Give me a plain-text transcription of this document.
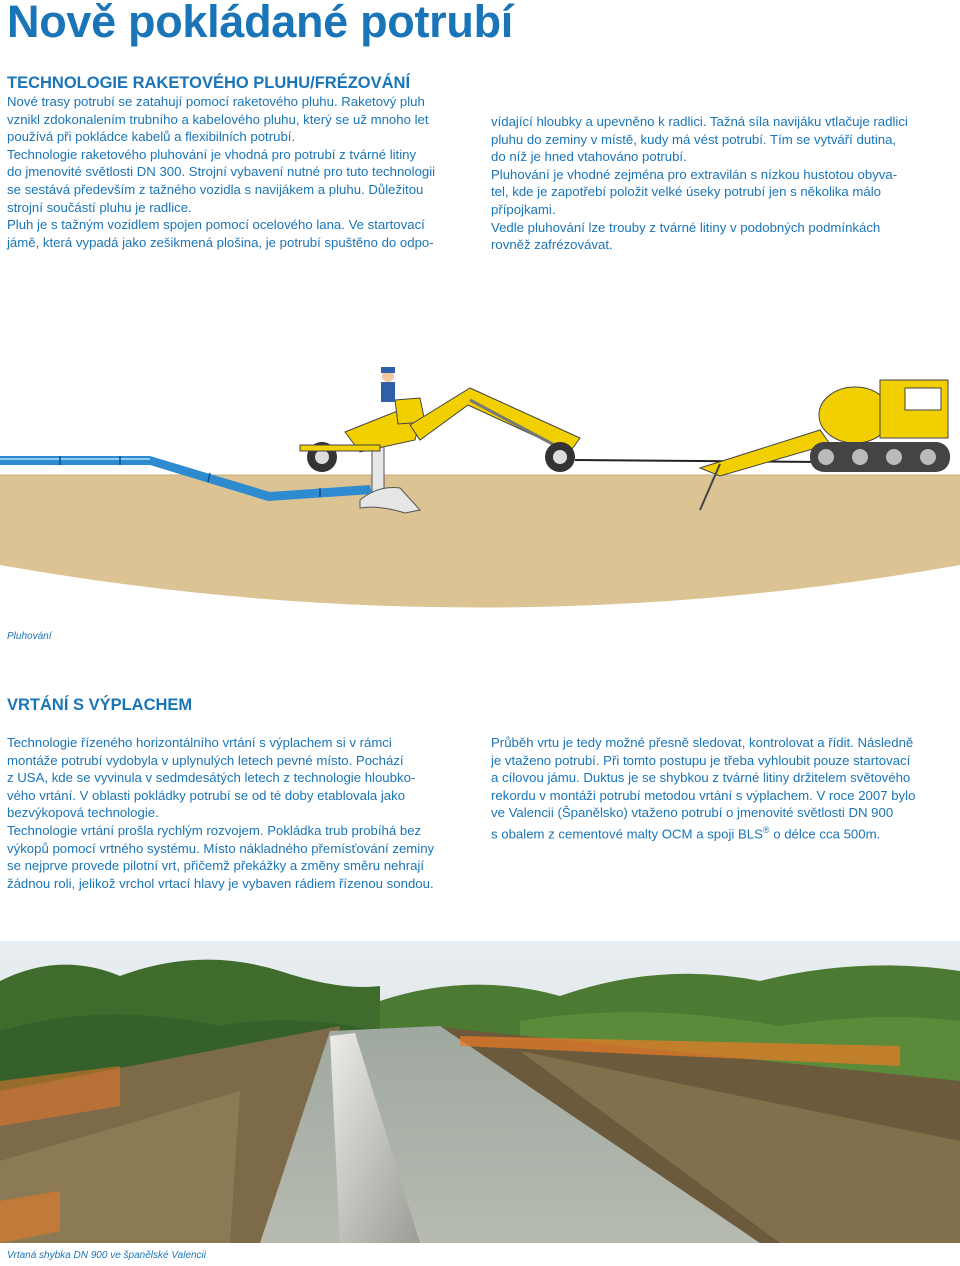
Nově pokládané potrubí
TECHNOLOGIE RAKETOVÉHO PLUHU/FRÉZOVÁNÍ

Nové trasy potrubí se zatahují pomocí raketového pluhu. Raketový pluh

vznikl zdokonalením trubního a kabelového pluhu, který se už mnoho let

používá při pokládce kabelů a flexibilních potrubí.

Technologie raketového pluhování je vhodná pro potrubí z tvárné litiny

do jmenovité světlosti DN 300. Strojní vybavení nutné pro tuto technologii

se sestává především z tažného vozidla s navijákem a pluhu. Důležitou

strojní součástí pluhu je radlice.

Pluh je s tažným vozidlem spojen pomocí ocelového lana. Ve startovací

jámě, která vypadá jako zešikmená plošina, je potrubí spuštěno do odpo-

vídající hloubky a upevněno k radlici. Tažná síla navijáku vtlačuje radlici

pluhu do zeminy v místě, kudy má vést potrubí. Tím se vytváří dutina,

do níž je hned vtahováno potrubí.

Pluhování je vhodné zejména pro extravilán s nízkou hustotou obyva-

tel, kde je zapotřebí položit velké úseky potrubí jen s několika málo

přípojkami.

Vedle pluhování lze trouby z tvárné litiny v podobných podmínkách

rovněž zafrézovávat.

Pluhování
VRTÁNÍ S VÝPLACHEM

Technologie řízeného horizontálního vrtání s výplachem si v rámci

montáže potrubí vydobyla v uplynulých letech pevné místo. Pochází

z USA, kde se vyvinula v sedmdesátých letech z technologie hloubko-

vého vrtání. V oblasti pokládky potrubí se od té doby etablovala jako

bezvýkopová technologie.

Technologie vrtání prošla rychlým rozvojem. Pokládka trub probíhá bez

výkopů pomocí vrtného systému. Místo nákladného přemísťování zeminy

se nejprve provede pilotní vrt, přičemž překážky a změny směru nehrají

žádnou roli, jelikož vrchol vrtací hlavy je vybaven rádiem řízenou sondou.

Průběh vrtu je tedy možné přesně sledovat, kontrolovat a řídit. Následně

je vtaženo potrubí. Při tomto postupu je třeba vyhloubit pouze startovací

a cílovou jámu. Duktus je se shybkou z tvárné litiny držitelem světového

rekordu v montáži potrubí metodou vrtání s výplachem. V roce 2007 bylo

ve Valencii (Španělsko) vtaženo potrubí o jmenovité světlosti DN 900

s obalem z cementové malty OCM a spoji BLS® o délce cca 500m.

Vrtaná shybka DN 900 ve španělské Valencii
